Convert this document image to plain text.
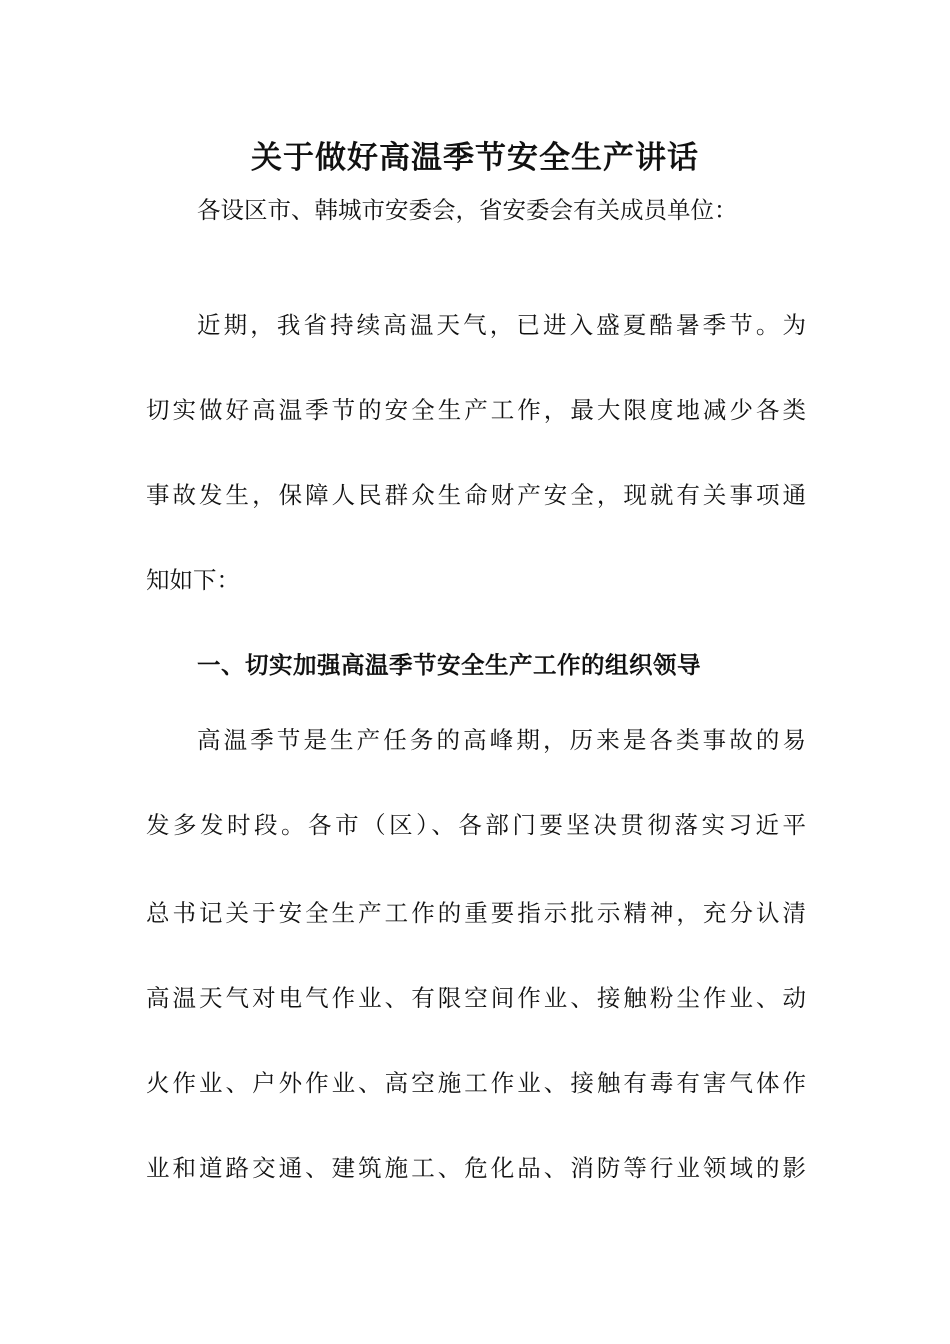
关于做好高温季节安全生产讲话
各设区市、韩城市安委会，省安委会有关成员单位：
近期，我省持续高温天气，已进入盛夏酷暑季节。为
切实做好高温季节的安全生产工作，最大限度地减少各类
事故发生，保障人民群众生命财产安全，现就有关事项通
知如下：
一、切实加强高温季节安全生产工作的组织领导
高温季节是生产任务的高峰期，历来是各类事故的易
发多发时段。各市（区）、各部门要坚决贯彻落实习近平
总书记关于安全生产工作的重要指示批示精神，充分认清
高温天气对电气作业、有限空间作业、接触粉尘作业、动
火作业、户外作业、高空施工作业、接触有毒有害气体作
业和道路交通、建筑施工、危化品、消防等行业领域的影
